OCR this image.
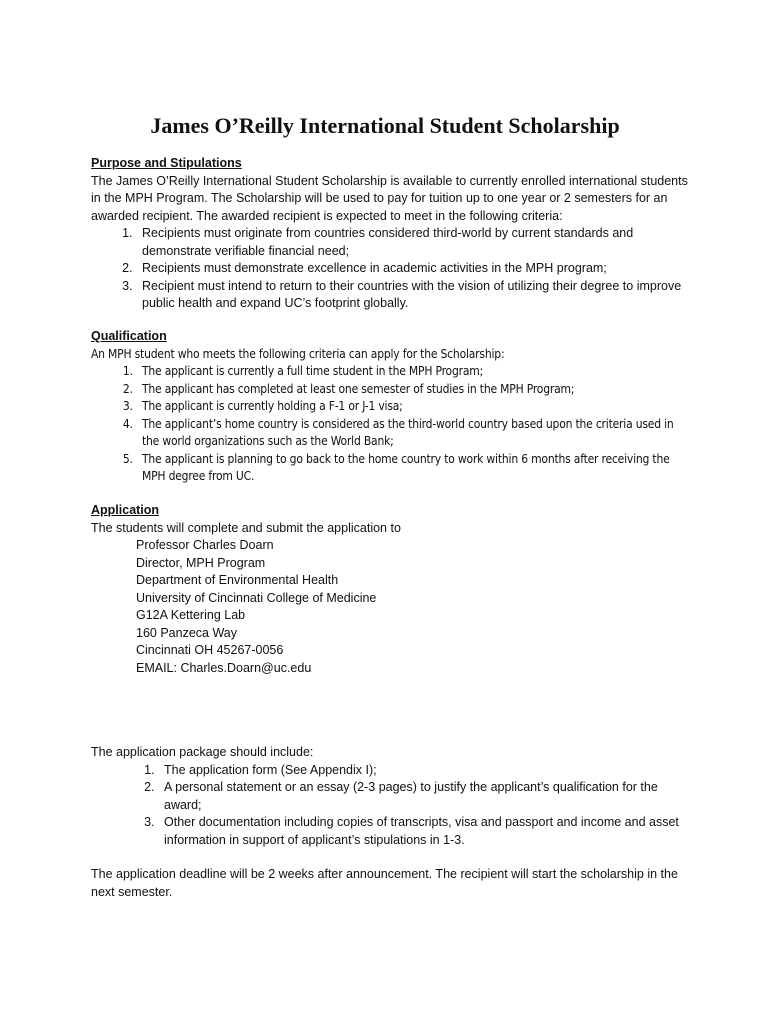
James O’Reilly International Student Scholarship

Purpose and Stipulations

The James O’Reilly International Student Scholarship is available to currently enrolled international students in the MPH Program. The Scholarship will be used to pay for tuition up to one year or 2 semesters for an awarded recipient. The awarded recipient is expected to meet in the following criteria:

1. Recipients must originate from countries considered third-world by current standards and demonstrate verifiable financial need;
2. Recipients must demonstrate excellence in academic activities in the MPH program;
3. Recipient must intend to return to their countries with the vision of utilizing their degree to improve public health and expand UC’s footprint globally.

Qualification

An MPH student who meets the following criteria can apply for the Scholarship:

1. The applicant is currently a full time student in the MPH Program;
2. The applicant has completed at least one semester of studies in the MPH Program;
3. The applicant is currently holding a F-1 or J-1 visa;
4. The applicant’s home country is considered as the third-world country based upon the criteria used in the world organizations such as the World Bank;
5. The applicant is planning to go back to the home country to work within 6 months after receiving the MPH degree from UC.

Application

The students will complete and submit the application to

Professor Charles Doarn
Director, MPH Program
Department of Environmental Health
University of Cincinnati College of Medicine
G12A Kettering Lab
160 Panzeca Way
Cincinnati OH 45267-0056
EMAIL: Charles.Doarn@uc.edu

The application package should include:

1. The application form (See Appendix I);
2. A personal statement or an essay (2-3 pages) to justify the applicant’s qualification for the award;
3. Other documentation including copies of transcripts, visa and passport and income and asset information in support of applicant’s stipulations in 1-3.

The application deadline will be 2 weeks after announcement. The recipient will start the scholarship in the next semester.
